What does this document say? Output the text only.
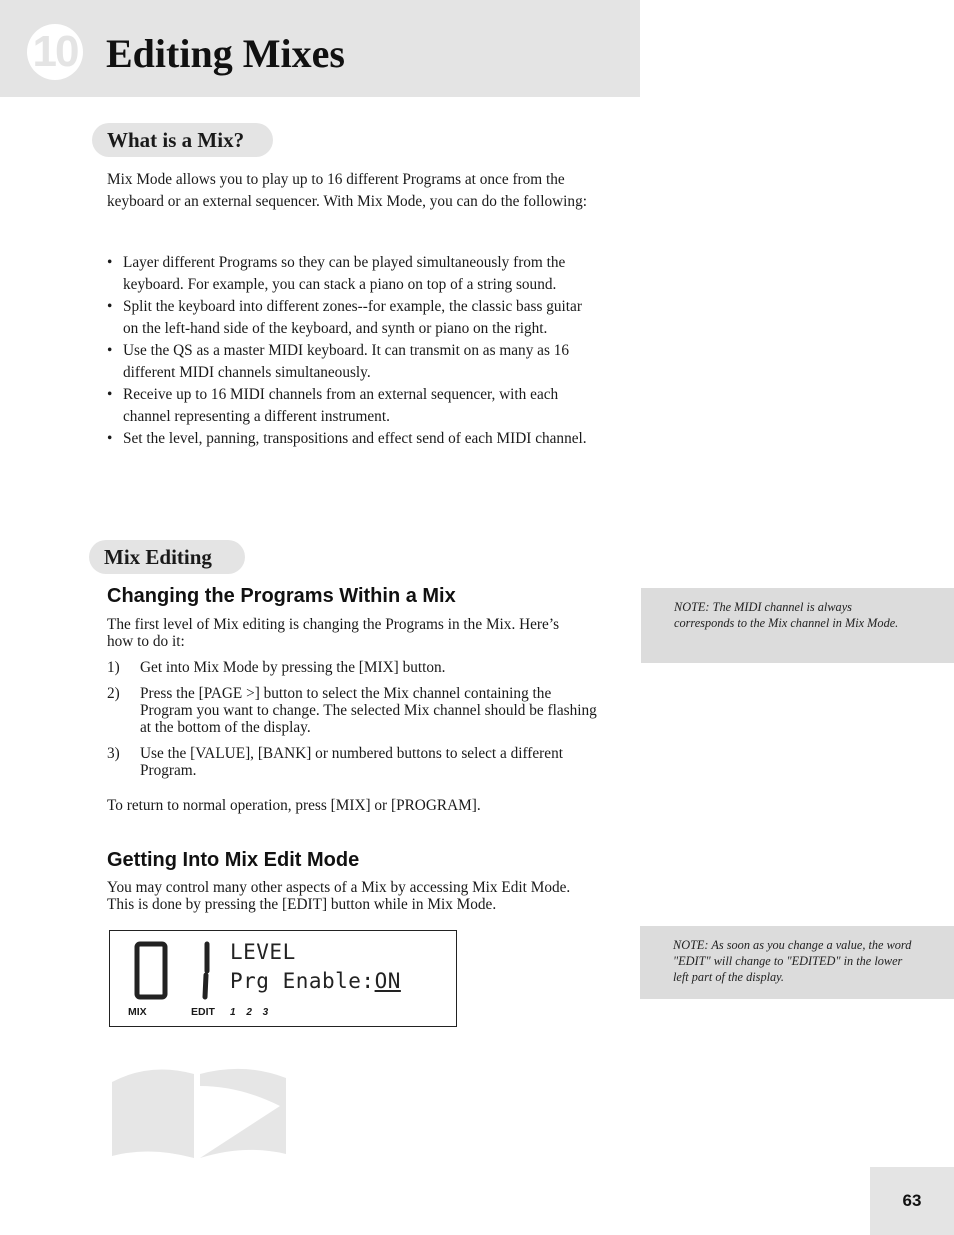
10 Editing Mixes
What is a Mix?

Mix Mode allows you to play up to 16 different Programs at once from the keyboard or an external sequencer. With Mix Mode, you can do the following:

• Layer different Programs so they can be played simultaneously from the keyboard. For example, you can stack a piano on top of a string sound.
• Split the keyboard into different zones--for example, the classic bass guitar on the left-hand side of the keyboard, and synth or piano on the right.
• Use the QS as a master MIDI keyboard. It can transmit on as many as 16 different MIDI channels simultaneously.
• Receive up to 16 MIDI channels from an external sequencer, with each channel representing a different instrument.
• Set the level, panning, transpositions and effect send of each MIDI channel.
Mix Editing
Changing the Programs Within a Mix

The first level of Mix editing is changing the Programs in the Mix. Here’s how to do it:

1) Get into Mix Mode by pressing the [MIX] button.
2) Press the [PAGE >] button to select the Mix channel containing the Program you want to change. The selected Mix channel should be flashing at the bottom of the display.
3) Use the [VALUE], [BANK] or numbered buttons to select a different Program.

To return to normal operation, press [MIX] or [PROGRAM].

Getting Into Mix Edit Mode

You may control many other aspects of a Mix by accessing Mix Edit Mode. This is done by pressing the [EDIT] button while in Mix Mode.

LEVEL
Prg Enable:ON
MIX	EDIT 1 2 3
NOTE: The MIDI channel is always corresponds to the Mix channel in Mix Mode.
NOTE: As soon as you change a value, the word "EDIT" will change to "EDITED" in the lower left part of the display.
63
